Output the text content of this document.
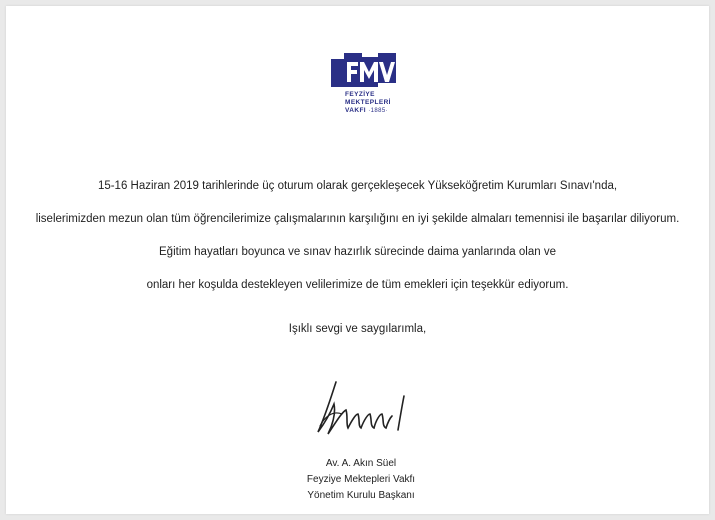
FEYZİYE
MEKTEPLERİ
VAKFI ·1885·
15-16 Haziran 2019 tarihlerinde üç oturum olarak gerçekleşecek Yükseköğretim Kurumları Sınavı'nda,
liselerimizden mezun olan tüm öğrencilerimize çalışmalarının karşılığını en iyi şekilde almaları temennisi ile başarılar diliyorum.
Eğitim hayatları boyunca ve sınav hazırlık sürecinde daima yanlarında olan ve
onları her koşulda destekleyen velilerimize de tüm emekleri için teşekkür ediyorum.
Işıklı sevgi ve saygılarımla,
Av. A. Akın Süel
Feyziye Mektepleri Vakfı
Yönetim Kurulu Başkanı
